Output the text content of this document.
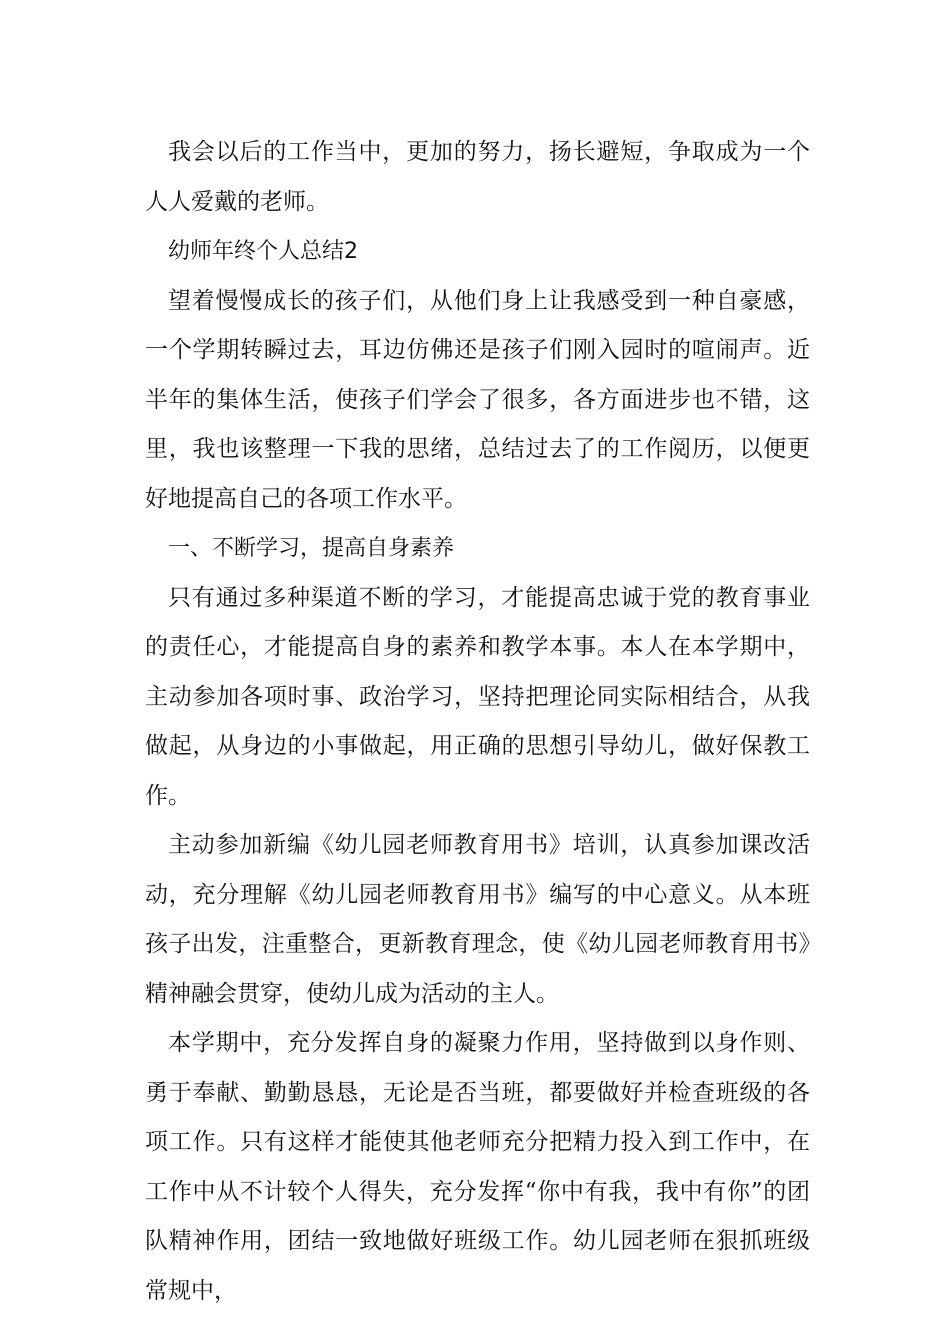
我会以后的工作当中，更加的努力，扬长避短，争取成为一个人人爱戴的老师。

幼师年终个人总结2

望着慢慢成长的孩子们，从他们身上让我感受到一种自豪感，一个学期转瞬过去，耳边仿佛还是孩子们刚入园时的喧闹声。近半年的集体生活，使孩子们学会了很多，各方面进步也不错，这里，我也该整理一下我的思绪，总结过去了的工作阅历，以便更好地提高自己的各项工作水平。

一、不断学习，提高自身素养

只有通过多种渠道不断的学习，才能提高忠诚于党的教育事业的责任心，才能提高自身的素养和教学本事。本人在本学期中，主动参加各项时事、政治学习，坚持把理论同实际相结合，从我做起，从身边的小事做起，用正确的思想引导幼儿，做好保教工作。

主动参加新编《幼儿园老师教育用书》培训，认真参加课改活动，充分理解《幼儿园老师教育用书》编写的中心意义。从本班孩子出发，注重整合，更新教育理念，使《幼儿园老师教育用书》精神融会贯穿，使幼儿成为活动的主人。

本学期中，充分发挥自身的凝聚力作用，坚持做到以身作则、勇于奉献、勤勤恳恳，无论是否当班，都要做好并检查班级的各项工作。只有这样才能使其他老师充分把精力投入到工作中，在工作中从不计较个人得失，充分发挥“你中有我，我中有你”的团队精神作用，团结一致地做好班级工作。幼儿园老师在狠抓班级常规中，
